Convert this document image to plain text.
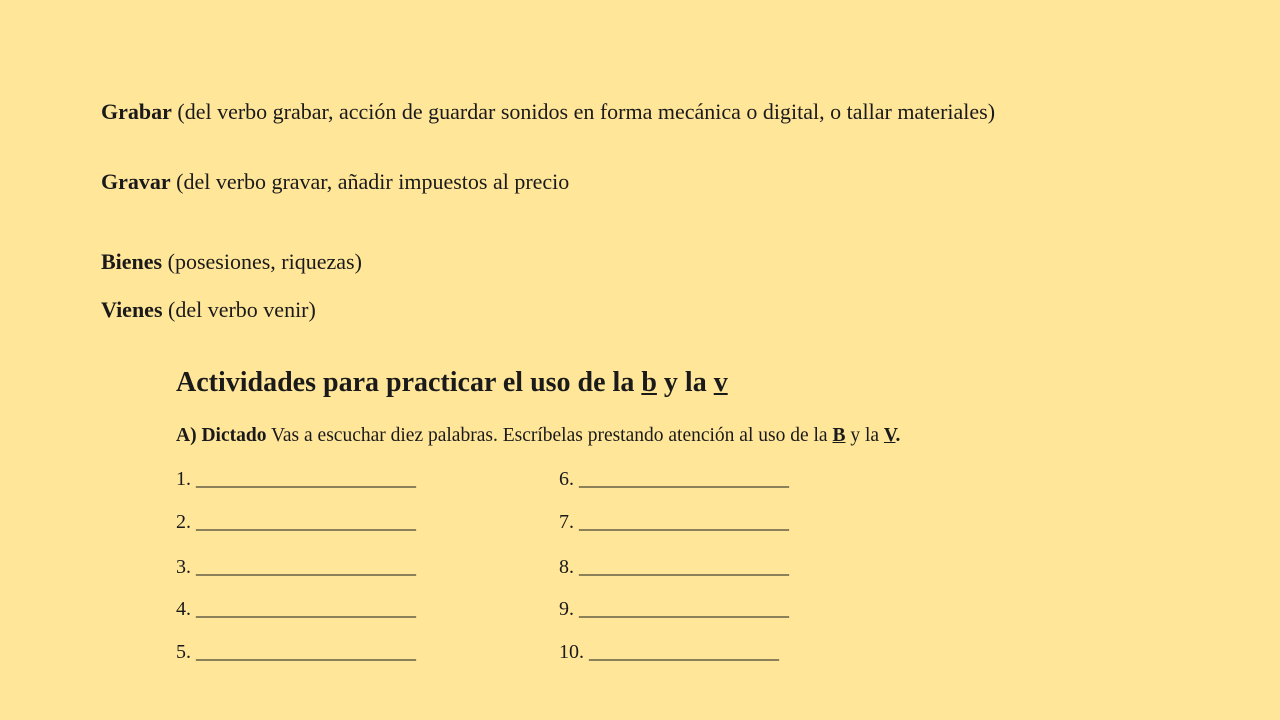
Grabar (del verbo grabar, acción de guardar sonidos en forma mecánica o digital, o tallar materiales)
Gravar (del verbo gravar, añadir impuestos al precio
Bienes (posesiones, riquezas)
Vienes (del verbo venir)
Actividades para practicar el uso de la b y la v
A) Dictado Vas a escuchar diez palabras. Escríbelas prestando atención al uso de la B y la V.
1. ______________________
2. ______________________
3. ______________________
4. ______________________
5. ______________________
6. _____________________
7. _____________________
8. _____________________
9. _____________________
10. ___________________
